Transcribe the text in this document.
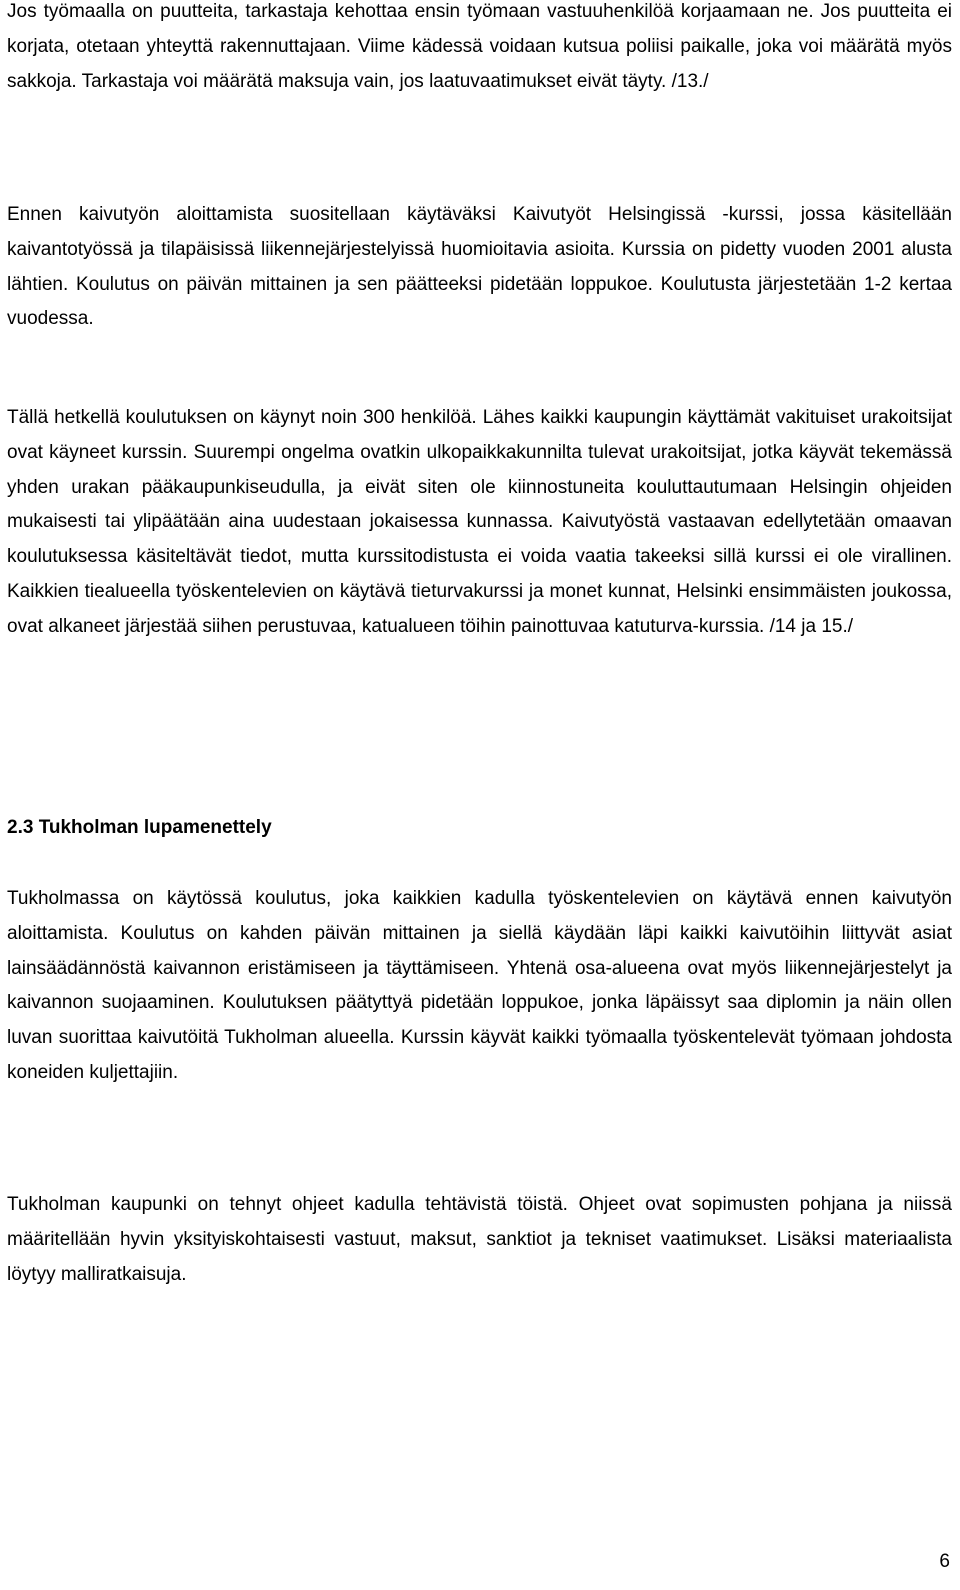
Jos työmaalla on puutteita, tarkastaja kehottaa ensin työmaan vastuuhenkilöä korjaamaan ne. Jos puutteita ei korjata, otetaan yhteyttä rakennuttajaan. Viime kädessä voidaan kutsua poliisi paikalle, joka voi määrätä myös sakkoja. Tarkastaja voi määrätä maksuja vain, jos laatuvaatimukset eivät täyty. /13./

Ennen kaivutyön aloittamista suositellaan käytäväksi Kaivutyöt Helsingissä -kurssi, jossa käsitellään kaivantotyössä ja tilapäisissä liikennejärjestelyissä huomioitavia asioita. Kurssia on pidetty vuoden 2001 alusta lähtien. Koulutus on päivän mittainen ja sen päätteeksi pidetään loppukoe. Koulutusta järjestetään 1-2 kertaa vuodessa.

Tällä hetkellä koulutuksen on käynyt noin 300 henkilöä. Lähes kaikki kaupungin käyttämät vakituiset urakoitsijat ovat käyneet kurssin. Suurempi ongelma ovatkin ulkopaikkakunnilta tulevat urakoitsijat, jotka käyvät tekemässä yhden urakan pääkaupunkiseudulla, ja eivät siten ole kiinnostuneita kouluttautumaan Helsingin ohjeiden mukaisesti tai ylipäätään aina uudestaan jokaisessa kunnassa. Kaivutyöstä vastaavan edellytetään omaavan koulutuksessa käsiteltävät tiedot, mutta kurssitodistusta ei voida vaatia takeeksi sillä kurssi ei ole virallinen. Kaikkien tiealueella työskentelevien on käytävä tieturvakurssi ja monet kunnat, Helsinki ensimmäisten joukossa, ovat alkaneet järjestää siihen perustuvaa, katualueen töihin painottuvaa katuturva-kurssia. /14 ja 15./

2.3 Tukholman lupamenettely

Tukholmassa on käytössä koulutus, joka kaikkien kadulla työskentelevien on käytävä ennen kaivutyön aloittamista. Koulutus on kahden päivän mittainen ja siellä käydään läpi kaikki kaivutöihin liittyvät asiat lainsäädännöstä kaivannon eristämiseen ja täyttämiseen. Yhtenä osa-alueena ovat myös liikennejärjestelyt ja kaivannon suojaaminen. Koulutuksen päätyttyä pidetään loppukoe, jonka läpäissyt saa diplomin ja näin ollen luvan suorittaa kaivutöitä Tukholman alueella. Kurssin käyvät kaikki työmaalla työskentelevät työmaan johdosta koneiden kuljettajiin.

Tukholman kaupunki on tehnyt ohjeet kadulla tehtävistä töistä. Ohjeet ovat sopimusten pohjana ja niissä määritellään hyvin yksityiskohtaisesti vastuut, maksut, sanktiot ja tekniset vaatimukset. Lisäksi materiaalista löytyy malliratkaisuja.

6
